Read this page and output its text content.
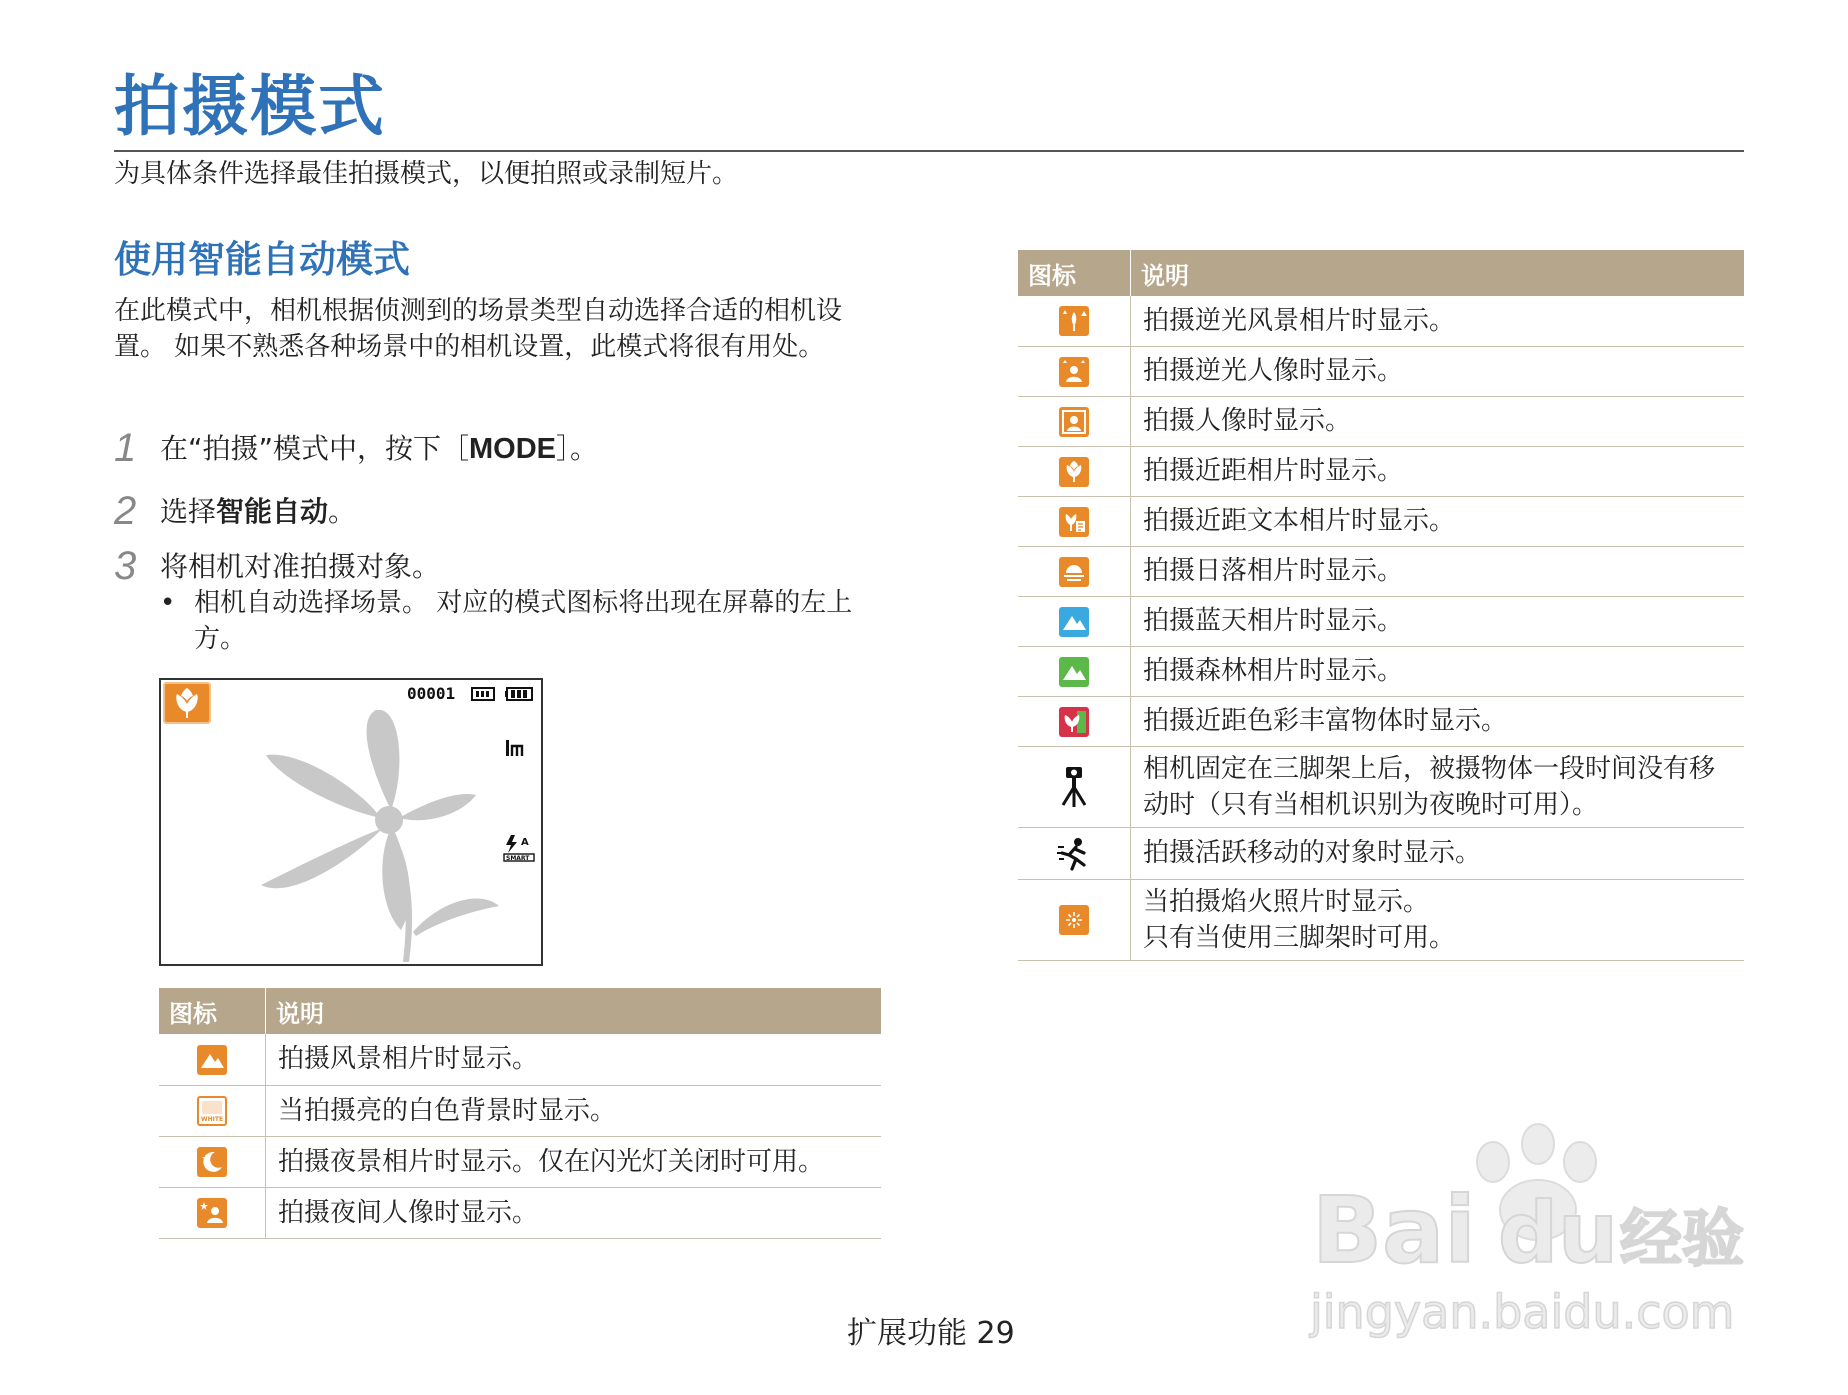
拍摄模式
为具体条件选择最佳拍摄模式，以便拍照或录制短片。
使用智能自动模式
在此模式中，相机根据侦测到的场景类型自动选择合适的相机设置。 如果不熟悉各种场景中的相机设置，此模式将很有用处。
1 在“拍摄”模式中，按下［MODE］。
2 选择智能自动。
3 将相机对准拍摄对象。
• 相机自动选择场景。 对应的模式图标将出现在屏幕的左上方。
00001
A
SMART
图标	说明

	拍摄风景相片时显示。

WHITE	当拍摄亮的白色背景时显示。

	拍摄夜景相片时显示。仅在闪光灯关闭时可用。

	拍摄夜间人像时显示。
图标	说明

	拍摄逆光风景相片时显示。

	拍摄逆光人像时显示。

	拍摄人像时显示。

	拍摄近距相片时显示。

	拍摄近距文本相片时显示。

	拍摄日落相片时显示。

	拍摄蓝天相片时显示。

	拍摄森林相片时显示。

	拍摄近距色彩丰富物体时显示。

相机固定在三脚架上后，被摄物体一段时间没有移
动时（只有当相机识别为夜晚时可用）。

	拍摄活跃移动的对象时显示。

当拍摄焰火照片时显示。
只有当使用三脚架时可用。
Bai du 经验
jingyan.baidu.com
扩展功能 29
